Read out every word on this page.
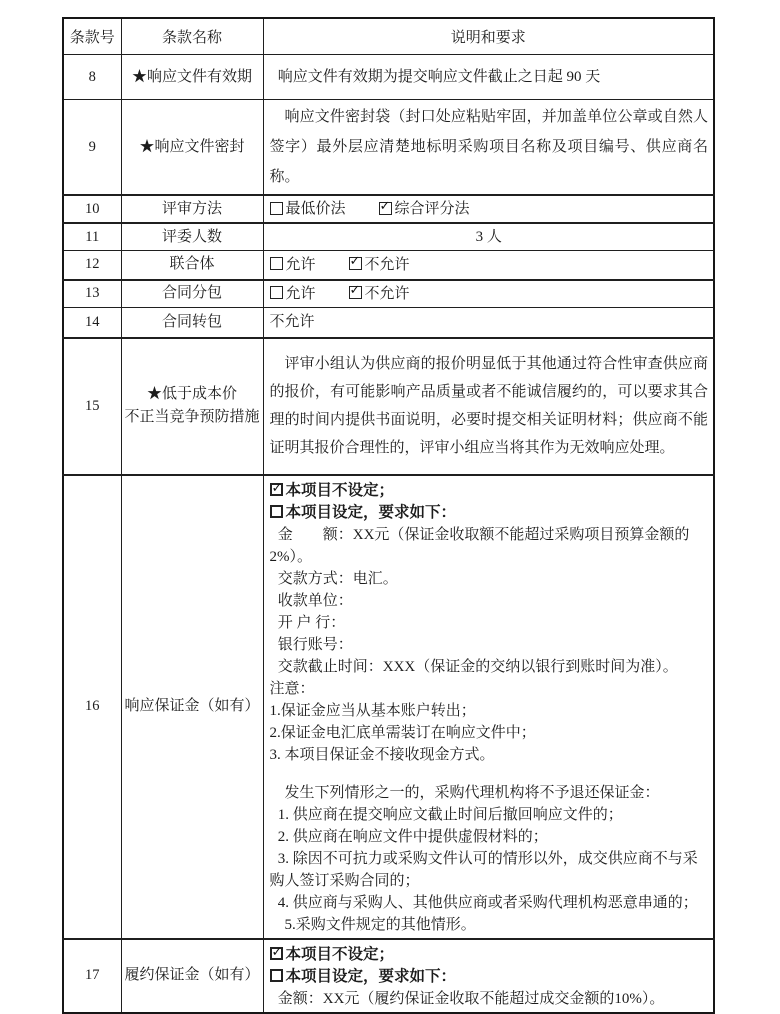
条款号	条款名称	说明和要求
8	★响应文件有效期	响应文件有效期为提交响应文件截止之日起 90 天

9	★响应文件密封	响应文件密封袋（封口处应粘贴牢固，并加盖单位公章或自然人签字）最外层应清楚地标明采购项目名称及项目编号、供应商名称。

10	评审方法	最低价法 ✓ 综合评分法

11	评委人数	3 人

12	联合体	允许 ✓ 不允许

13	合同分包	允许 ✓ 不允许

14	合同转包	不允许

15	★低于成本价
不正当竞争预防措施	评审小组认为供应商的报价明显低于其他通过符合性审查供应商的报价，有可能影响产品质量或者不能诚信履约的，可以要求其合理的时间内提供书面说明，必要时提交相关证明材料；供应商不能证明其报价合理性的，评审小组应当将其作为无效响应处理。

16	响应保证金（如有）

✓本项目不设定；
本项目设定，要求如下：
金　　额：XX元（保证金收取额不能超过采购项目预算金额的2%）。
交款方式：电汇。
收款单位：
开 户 行：
银行账号：
交款截止时间：XXX（保证金的交纳以银行到账时间为准）。
注意：
1.保证金应当从基本账户转出；
2.保证金电汇底单需装订在响应文件中；
3. 本项目保证金不接收现金方式。
发生下列情形之一的，采购代理机构将不予退还保证金：
1. 供应商在提交响应文截止时间后撤回响应文件的；
2. 供应商在响应文件中提供虚假材料的；
3. 除因不可抗力或采购文件认可的情形以外，成交供应商不与采购人签订采购合同的；
4. 供应商与采购人、其他供应商或者采购代理机构恶意串通的；
5.采购文件规定的其他情形。

17	履约保证金（如有）

✓本项目不设定；
本项目设定，要求如下：
金额：XX元（履约保证金收取不能超过成交金额的10%）。
